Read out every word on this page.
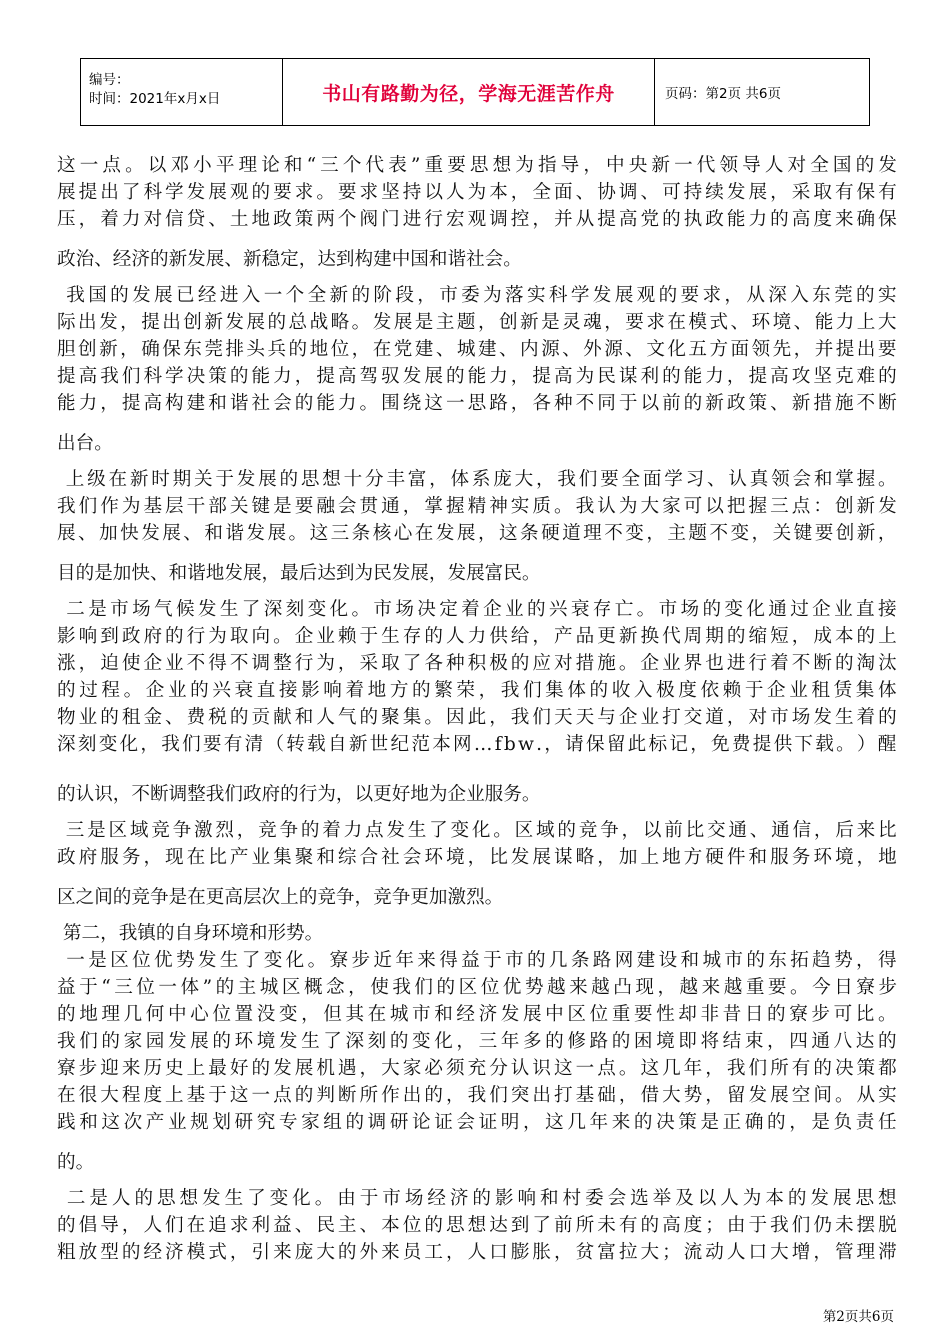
编号：
时间：2021年x月x日	书山有路勤为径，学海无涯苦作舟	页码：第2页 共6页
这 一 点 。 以 邓 小 平 理 论 和 “ 三 个 代 表 ” 重 要 思 想 为 指 导 ， 中 央 新 一 代 领 导 人 对 全 国 的 发
展 提 出 了 科 学 发 展 观 的 要 求 。 要 求 坚 持 以 人 为 本 ， 全 面 、 协 调 、 可 持 续 发 展 ， 采 取 有 保 有
压 ， 着 力 对 信 贷 、 土 地 政 策 两 个 阀 门 进 行 宏 观 调 控 ， 并 从 提 高 党 的 执 政 能 力 的 高 度 来 确 保
政治、经济的新发展、新稳定，达到构建中国和谐社会。

我 国 的 发 展 已 经 进 入 一 个 全 新 的 阶 段 ， 市 委 为 落 实 科 学 发 展 观 的 要 求 ， 从 深 入 东 莞 的 实
际 出 发 ， 提 出 创 新 发 展 的 总 战 略 。 发 展 是 主 题 ， 创 新 是 灵 魂 ， 要 求 在 模 式 、 环 境 、 能 力 上 大
胆 创 新 ， 确 保 东 莞 排 头 兵 的 地 位 ， 在 党 建 、 城 建 、 内 源 、 外 源 、 文 化 五 方 面 领 先 ， 并 提 出 要
提 高 我 们 科 学 决 策 的 能 力 ， 提 高 驾 驭 发 展 的 能 力 ， 提 高 为 民 谋 利 的 能 力 ， 提 高 攻 坚 克 难 的
能 力 ， 提 高 构 建 和 谐 社 会 的 能 力 。 围 绕 这 一 思 路 ， 各 种 不 同 于 以 前 的 新 政 策 、 新 措 施 不 断
出台。

上 级 在 新 时 期 关 于 发 展 的 思 想 十 分 丰 富 ， 体 系 庞 大 ， 我 们 要 全 面 学 习 、 认 真 领 会 和 掌 握 。
我 们 作 为 基 层 干 部 关 键 是 要 融 会 贯 通 ， 掌 握 精 神 实 质 。 我 认 为 大 家 可 以 把 握 三 点 ： 创 新 发
展 、 加 快 发 展 、 和 谐 发 展 。 这 三 条 核 心 在 发 展 ， 这 条 硬 道 理 不 变 ， 主 题 不 变 ， 关 键 要 创 新 ，
目的是加快、和谐地发展，最后达到为民发展，发展富民。

二 是 市 场 气 候 发 生 了 深 刻 变 化 。 市 场 决 定 着 企 业 的 兴 衰 存 亡 。 市 场 的 变 化 通 过 企 业 直 接
影 响 到 政 府 的 行 为 取 向 。 企 业 赖 于 生 存 的 人 力 供 给 ， 产 品 更 新 换 代 周 期 的 缩 短 ， 成 本 的 上
涨 ， 迫 使 企 业 不 得 不 调 整 行 为 ， 采 取 了 各 种 积 极 的 应 对 措 施 。 企 业 界 也 进 行 着 不 断 的 淘 汰
的 过 程 。 企 业 的 兴 衰 直 接 影 响 着 地 方 的 繁 荣 ， 我 们 集 体 的 收 入 极 度 依 赖 于 企 业 租 赁 集 体
物 业 的 租 金 、 费 税 的 贡 献 和 人 气 的 聚 集 。 因 此 ， 我 们 天 天 与 企 业 打 交 道 ， 对 市 场 发 生 着 的
深 刻 变 化 ， 我 们 要 有 清 （ 转 载 自 新 世 纪 范 本 网 … f b w . ， 请 保 留 此 标 记 ， 免 费 提 供 下 载 。 ） 醒
的认识，不断调整我们政府的行为，以更好地为企业服务。

三 是 区 域 竞 争 激 烈 ， 竞 争 的 着 力 点 发 生 了 变 化 。 区 域 的 竞 争 ， 以 前 比 交 通 、 通 信 ， 后 来 比
政 府 服 务 ， 现 在 比 产 业 集 聚 和 综 合 社 会 环 境 ， 比 发 展 谋 略 ， 加 上 地 方 硬 件 和 服 务 环 境 ， 地
区之间的竞争是在更高层次上的竞争，竞争更加激烈。
第二，我镇的自身环境和形势。

一 是 区 位 优 势 发 生 了 变 化 。 寮 步 近 年 来 得 益 于 市 的 几 条 路 网 建 设 和 城 市 的 东 拓 趋 势 ， 得
益 于 “ 三 位 一 体 ” 的 主 城 区 概 念 ， 使 我 们 的 区 位 优 势 越 来 越 凸 现 ， 越 来 越 重 要 。 今 日 寮 步
的 地 理 几 何 中 心 位 置 没 变 ， 但 其 在 城 市 和 经 济 发 展 中 区 位 重 要 性 却 非 昔 日 的 寮 步 可 比 。
我 们 的 家 园 发 展 的 环 境 发 生 了 深 刻 的 变 化 ， 三 年 多 的 修 路 的 困 境 即 将 结 束 ， 四 通 八 达 的
寮 步 迎 来 历 史 上 最 好 的 发 展 机 遇 ， 大 家 必 须 充 分 认 识 这 一 点 。 这 几 年 ， 我 们 所 有 的 决 策 都
在 很 大 程 度 上 基 于 这 一 点 的 判 断 所 作 出 的 ， 我 们 突 出 打 基 础 ， 借 大 势 ， 留 发 展 空 间 。 从 实
践 和 这 次 产 业 规 划 研 究 专 家 组 的 调 研 论 证 会 证 明 ， 这 几 年 来 的 决 策 是 正 确 的 ， 是 负 责 任
的。

二 是 人 的 思 想 发 生 了 变 化 。 由 于 市 场 经 济 的 影 响 和 村 委 会 选 举 及 以 人 为 本 的 发 展 思 想
的 倡 导 ， 人 们 在 追 求 利 益 、 民 主 、 本 位 的 思 想 达 到 了 前 所 未 有 的 高 度 ； 由 于 我 们 仍 未 摆 脱
粗 放 型 的 经 济 模 式 ， 引 来 庞 大 的 外 来 员 工 ， 人 口 膨 胀 ， 贫 富 拉 大 ； 流 动 人 口 大 增 ， 管 理 滞
第2页共6页
